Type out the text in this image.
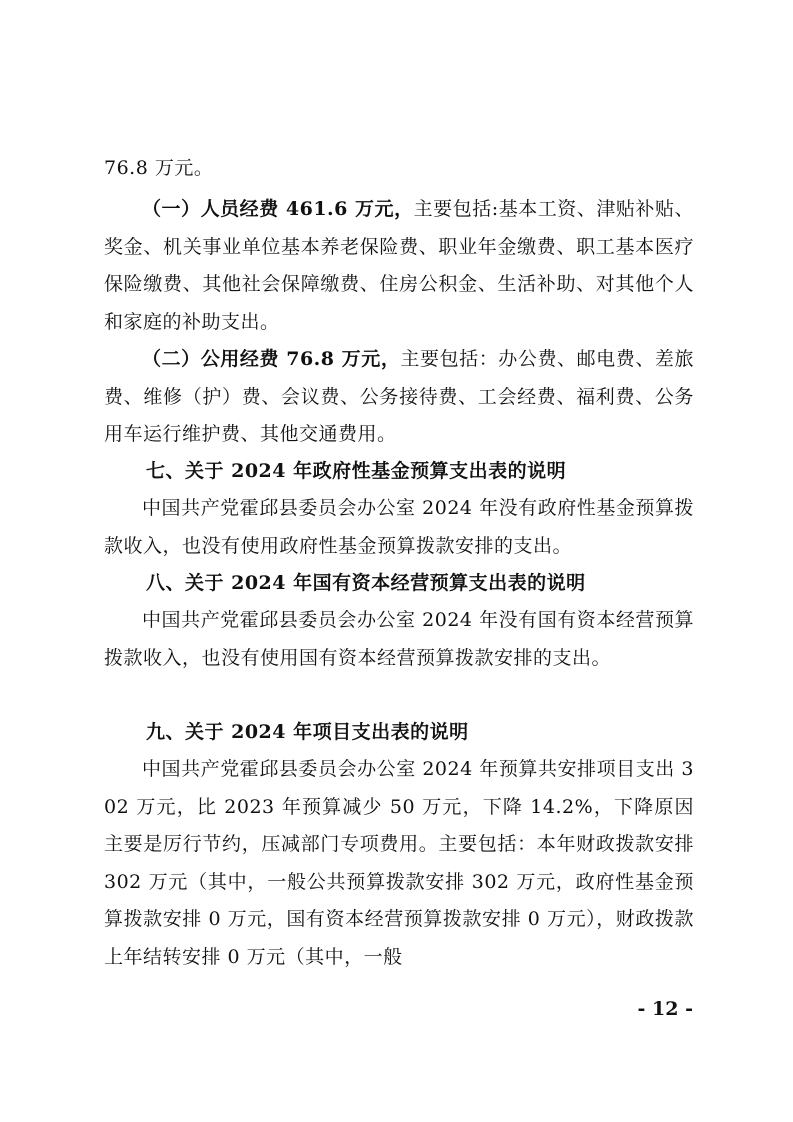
76.8 万元。
（一）人员经费 461.6 万元，主要包括:基本工资、津贴补贴、奖金、机关事业单位基本养老保险费、职业年金缴费、职工基本医疗保险缴费、其他社会保障缴费、住房公积金、生活补助、对其他个人和家庭的补助支出。
（二）公用经费 76.8 万元，主要包括：办公费、邮电费、差旅费、维修（护）费、会议费、公务接待费、工会经费、福利费、公务用车运行维护费、其他交通费用。
七、关于 2024 年政府性基金预算支出表的说明
中国共产党霍邱县委员会办公室 2024 年没有政府性基金预算拨款收入，也没有使用政府性基金预算拨款安排的支出。
八、关于 2024 年国有资本经营预算支出表的说明
中国共产党霍邱县委员会办公室 2024 年没有国有资本经营预算拨款收入，也没有使用国有资本经营预算拨款安排的支出。
九、关于 2024 年项目支出表的说明
中国共产党霍邱县委员会办公室 2024 年预算共安排项目支出 302 万元，比 2023 年预算减少 50 万元，下降 14.2%，下降原因主要是厉行节约，压减部门专项费用。主要包括：本年财政拨款安排 302 万元（其中，一般公共预算拨款安排 302 万元，政府性基金预算拨款安排 0 万元，国有资本经营预算拨款安排 0 万元），财政拨款上年结转安排 0 万元（其中，一般
- 12 -
